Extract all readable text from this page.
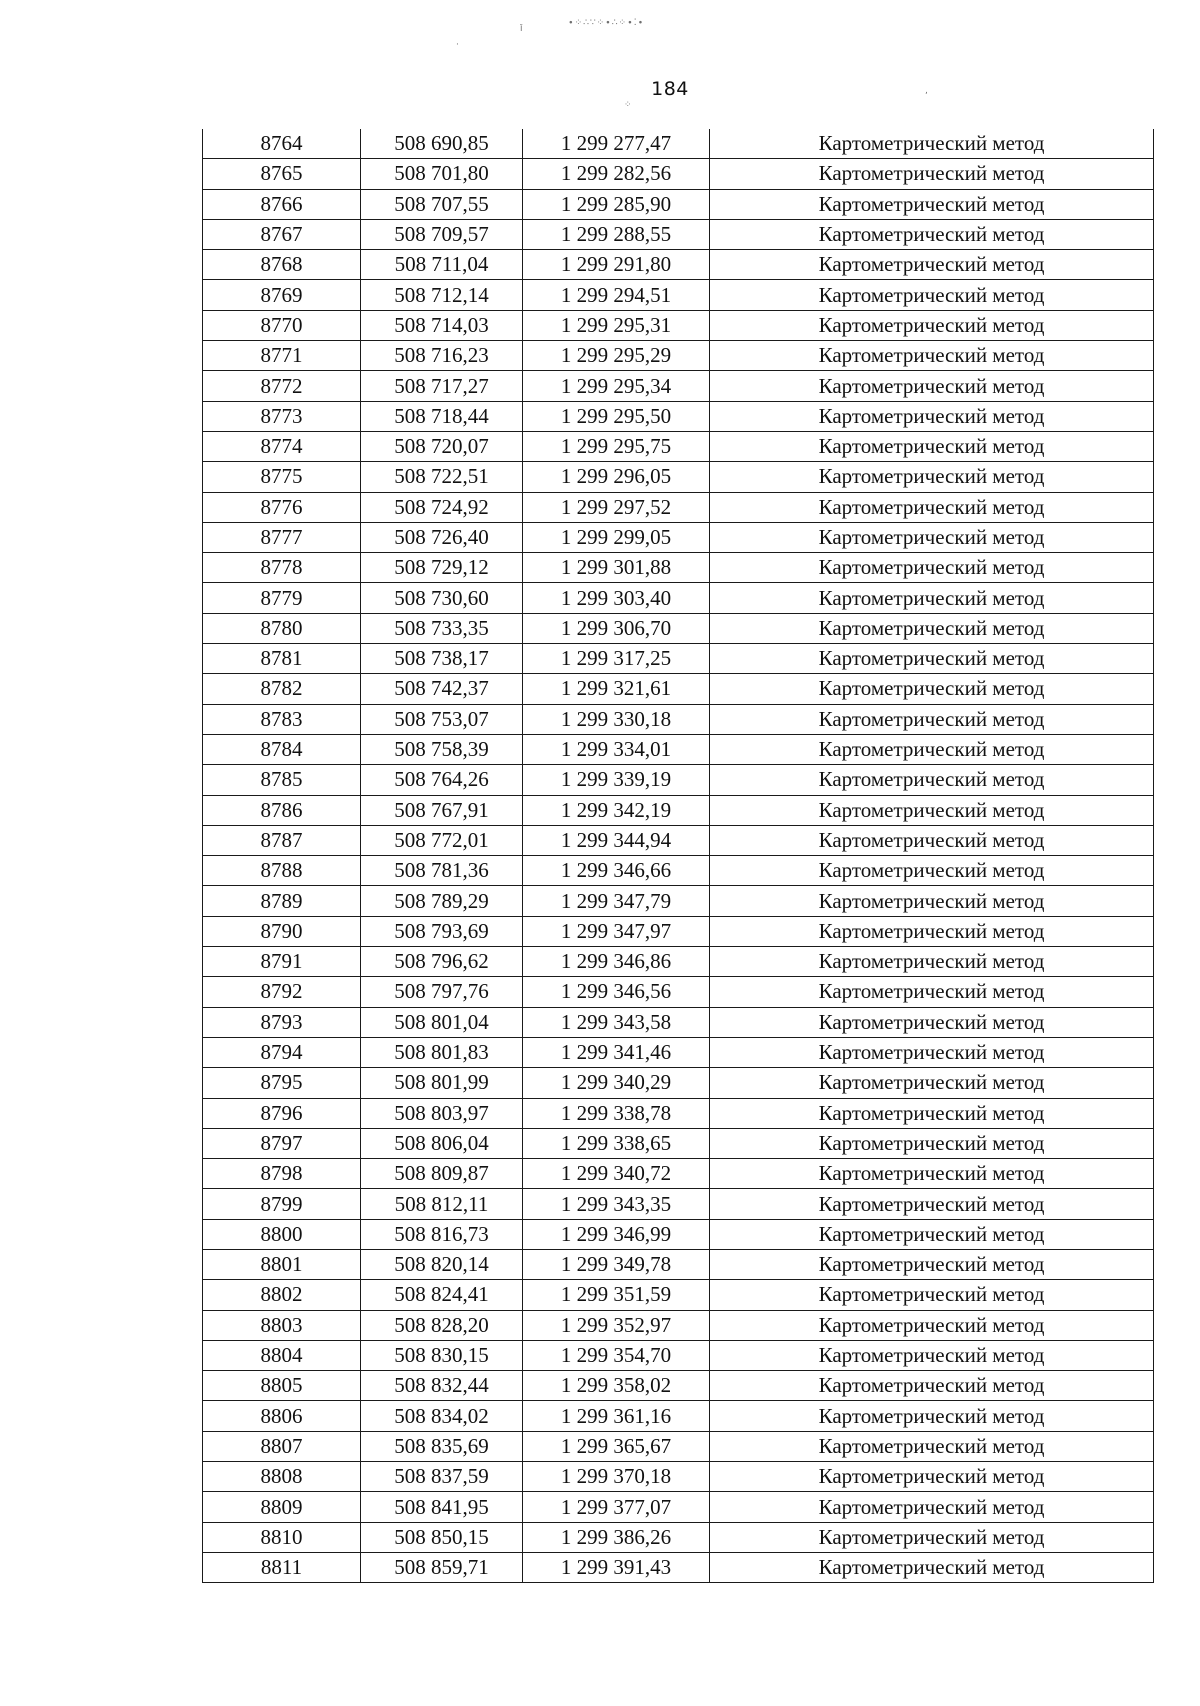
·
ǐ
∙⁘∴∵⁘∙∴⁘∙⁚∙
,
⁘
184
8764	508 690,85	1 299 277,47	Картометрический метод
8765	508 701,80	1 299 282,56	Картометрический метод
8766	508 707,55	1 299 285,90	Картометрический метод
8767	508 709,57	1 299 288,55	Картометрический метод
8768	508 711,04	1 299 291,80	Картометрический метод
8769	508 712,14	1 299 294,51	Картометрический метод
8770	508 714,03	1 299 295,31	Картометрический метод
8771	508 716,23	1 299 295,29	Картометрический метод
8772	508 717,27	1 299 295,34	Картометрический метод
8773	508 718,44	1 299 295,50	Картометрический метод
8774	508 720,07	1 299 295,75	Картометрический метод
8775	508 722,51	1 299 296,05	Картометрический метод
8776	508 724,92	1 299 297,52	Картометрический метод
8777	508 726,40	1 299 299,05	Картометрический метод
8778	508 729,12	1 299 301,88	Картометрический метод
8779	508 730,60	1 299 303,40	Картометрический метод
8780	508 733,35	1 299 306,70	Картометрический метод
8781	508 738,17	1 299 317,25	Картометрический метод
8782	508 742,37	1 299 321,61	Картометрический метод
8783	508 753,07	1 299 330,18	Картометрический метод
8784	508 758,39	1 299 334,01	Картометрический метод
8785	508 764,26	1 299 339,19	Картометрический метод
8786	508 767,91	1 299 342,19	Картометрический метод
8787	508 772,01	1 299 344,94	Картометрический метод
8788	508 781,36	1 299 346,66	Картометрический метод
8789	508 789,29	1 299 347,79	Картометрический метод
8790	508 793,69	1 299 347,97	Картометрический метод
8791	508 796,62	1 299 346,86	Картометрический метод
8792	508 797,76	1 299 346,56	Картометрический метод
8793	508 801,04	1 299 343,58	Картометрический метод
8794	508 801,83	1 299 341,46	Картометрический метод
8795	508 801,99	1 299 340,29	Картометрический метод
8796	508 803,97	1 299 338,78	Картометрический метод
8797	508 806,04	1 299 338,65	Картометрический метод
8798	508 809,87	1 299 340,72	Картометрический метод
8799	508 812,11	1 299 343,35	Картометрический метод
8800	508 816,73	1 299 346,99	Картометрический метод
8801	508 820,14	1 299 349,78	Картометрический метод
8802	508 824,41	1 299 351,59	Картометрический метод
8803	508 828,20	1 299 352,97	Картометрический метод
8804	508 830,15	1 299 354,70	Картометрический метод
8805	508 832,44	1 299 358,02	Картометрический метод
8806	508 834,02	1 299 361,16	Картометрический метод
8807	508 835,69	1 299 365,67	Картометрический метод
8808	508 837,59	1 299 370,18	Картометрический метод
8809	508 841,95	1 299 377,07	Картометрический метод
8810	508 850,15	1 299 386,26	Картометрический метод
8811	508 859,71	1 299 391,43	Картометрический метод
